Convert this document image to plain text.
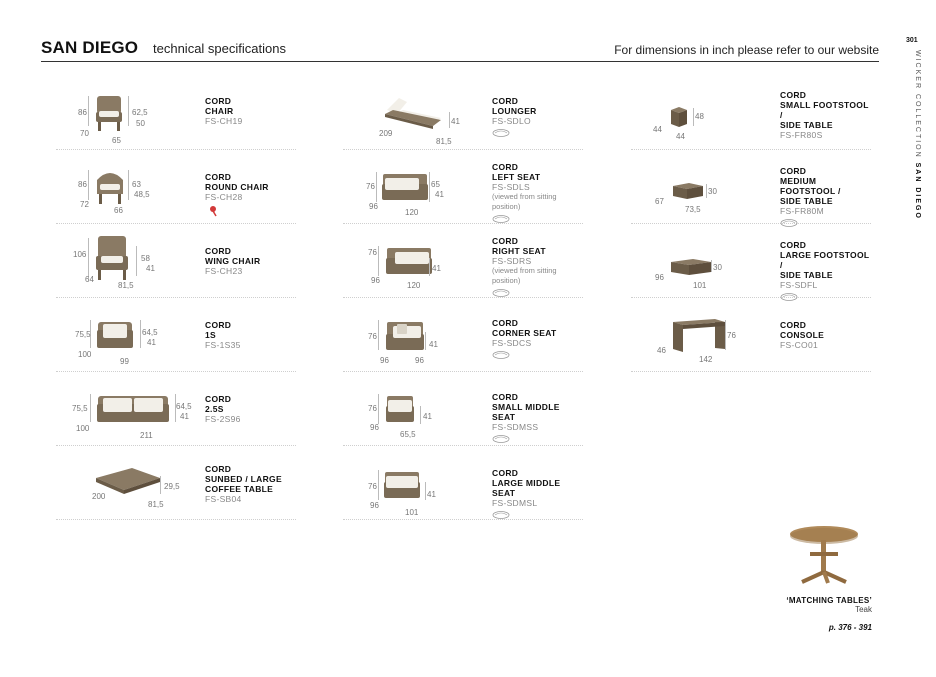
SAN DIEGO technical specifications	For dimensions in inch please refer to our website
301
WICKER COLLECTION SAN DIEGO
86	62,5
50
70
65
CORD
CHAIR
FS-CH19
86	63
48,5
72
66
CORD
ROUND CHAIR
FS-CH28
106	58
41
64
81,5
CORD
WING CHAIR
FS-CH23
75,5	64,5
41
100
99
CORD
1S
FS-1S35
75,5	64,5
41
100
211
CORD
2.5S
FS-2S96
29,5
200
81,5
CORD
SUNBED / LARGE
COFFEE TABLE
FS-SB04
41
209
81,5
CORD
LOUNGER
FS-SDLO
76	65
41
96
120
CORD
LEFT SEAT
FS-SDLS
(viewed from sitting position)
76
41
96
120
CORD
RIGHT SEAT
FS-SDRS
(viewed from sitting position)
76
41
96	96
CORD
CORNER SEAT
FS-SDCS
76
41
96
65,5
CORD
SMALL MIDDLE SEAT
FS-SDMSS
76
41
96
101
CORD
LARGE MIDDLE SEAT
FS-SDMSL
48
44
44
CORD
SMALL FOOTSTOOL /
SIDE TABLE
FS-FR80S
30
67
73,5
CORD
MEDIUM FOOTSTOOL /
SIDE TABLE
FS-FR80M
30
96
101
CORD
LARGE FOOTSTOOL /
SIDE TABLE
FS-SDFL
76
46
142
CORD
CONSOLE
FS-CO01
‘MATCHING TABLES’
Teak
p. 376 - 391
